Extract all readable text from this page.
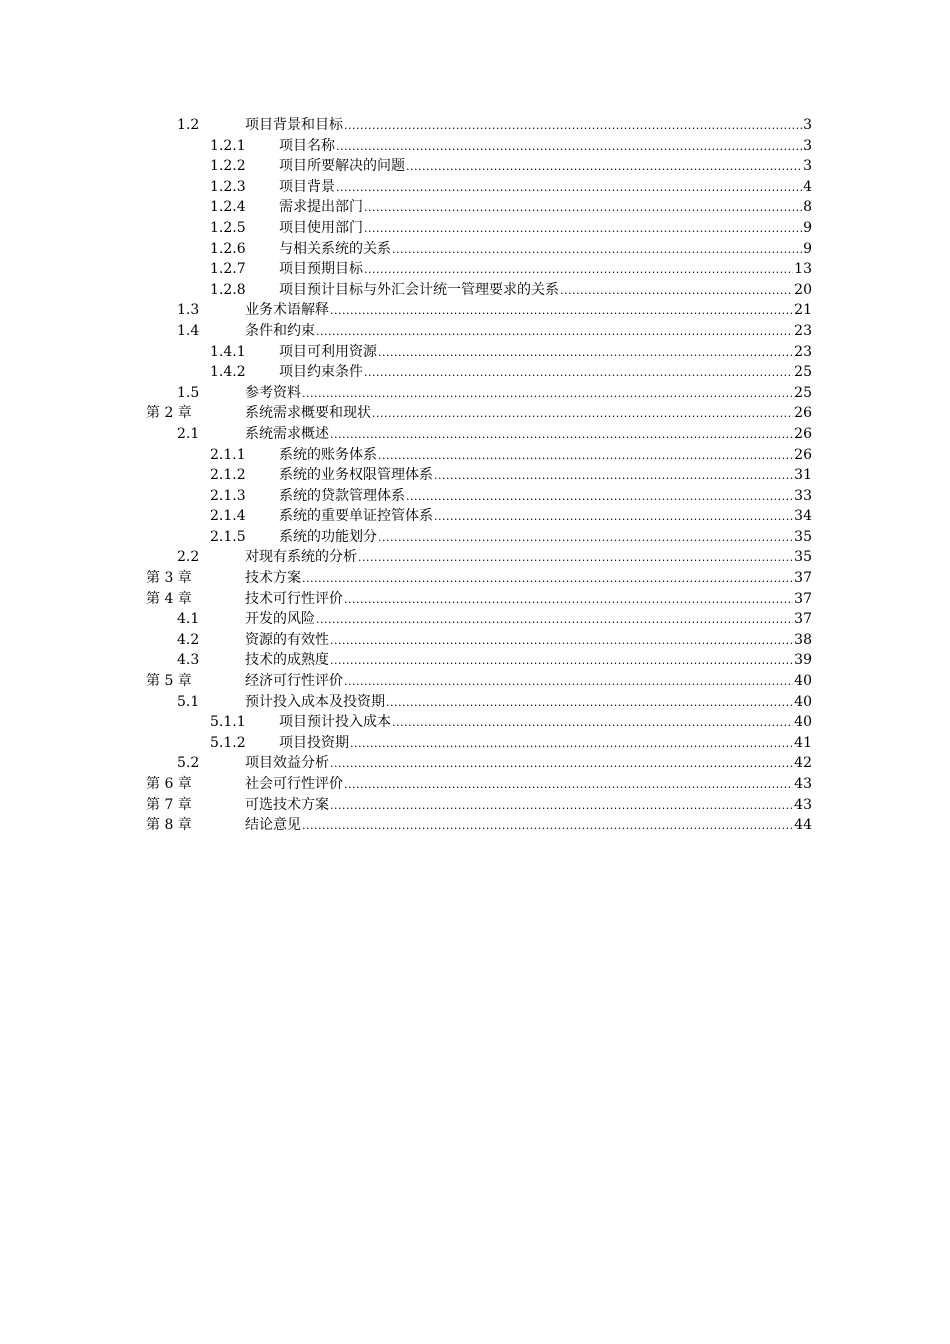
1.2	项目背景和目标 .....	3
1.2.1 项目名称 .....	3
1.2.2 项目所要解决的问题 .....	3
1.2.3 项目背景 .....	4
1.2.4 需求提出部门 .....	8
1.2.5 项目使用部门 .....	9
1.2.6 与相关系统的关系 .....	9
1.2.7 项目预期目标 .....	13
1.2.8 项目预计目标与外汇会计统一管理要求的关系 .....	20
1.3	业务术语解释 .....	21
1.4	条件和约束 .....	23
1.4.1 项目可利用资源 .....	23
1.4.2 项目约束条件 .....	25
1.5	参考资料 .....	25
第 2 章	系统需求概要和现状 .....	26
2.1	系统需求概述 .....	26
2.1.1 系统的账务体系 .....	26
2.1.2 系统的业务权限管理体系 .....	31
2.1.3 系统的贷款管理体系 .....	33
2.1.4 系统的重要单证控管体系 .....	34
2.1.5 系统的功能划分 .....	35
2.2	对现有系统的分析 .....	35
第 3 章	技术方案 .....	37
第 4 章	技术可行性评价 .....	37
4.1	开发的风险 .....	37
4.2	资源的有效性 .....	38
4.3	技术的成熟度 .....	39
第 5 章	经济可行性评价 .....	40
5.1	预计投入成本及投资期 .....	40
5.1.1 项目预计投入成本 .....	40
5.1.2 项目投资期 .....	41
5.2	项目效益分析 .....	42
第 6 章	社会可行性评价 .....	43
第 7 章	可选技术方案 .....	43
第 8 章	结论意见 .....	44
